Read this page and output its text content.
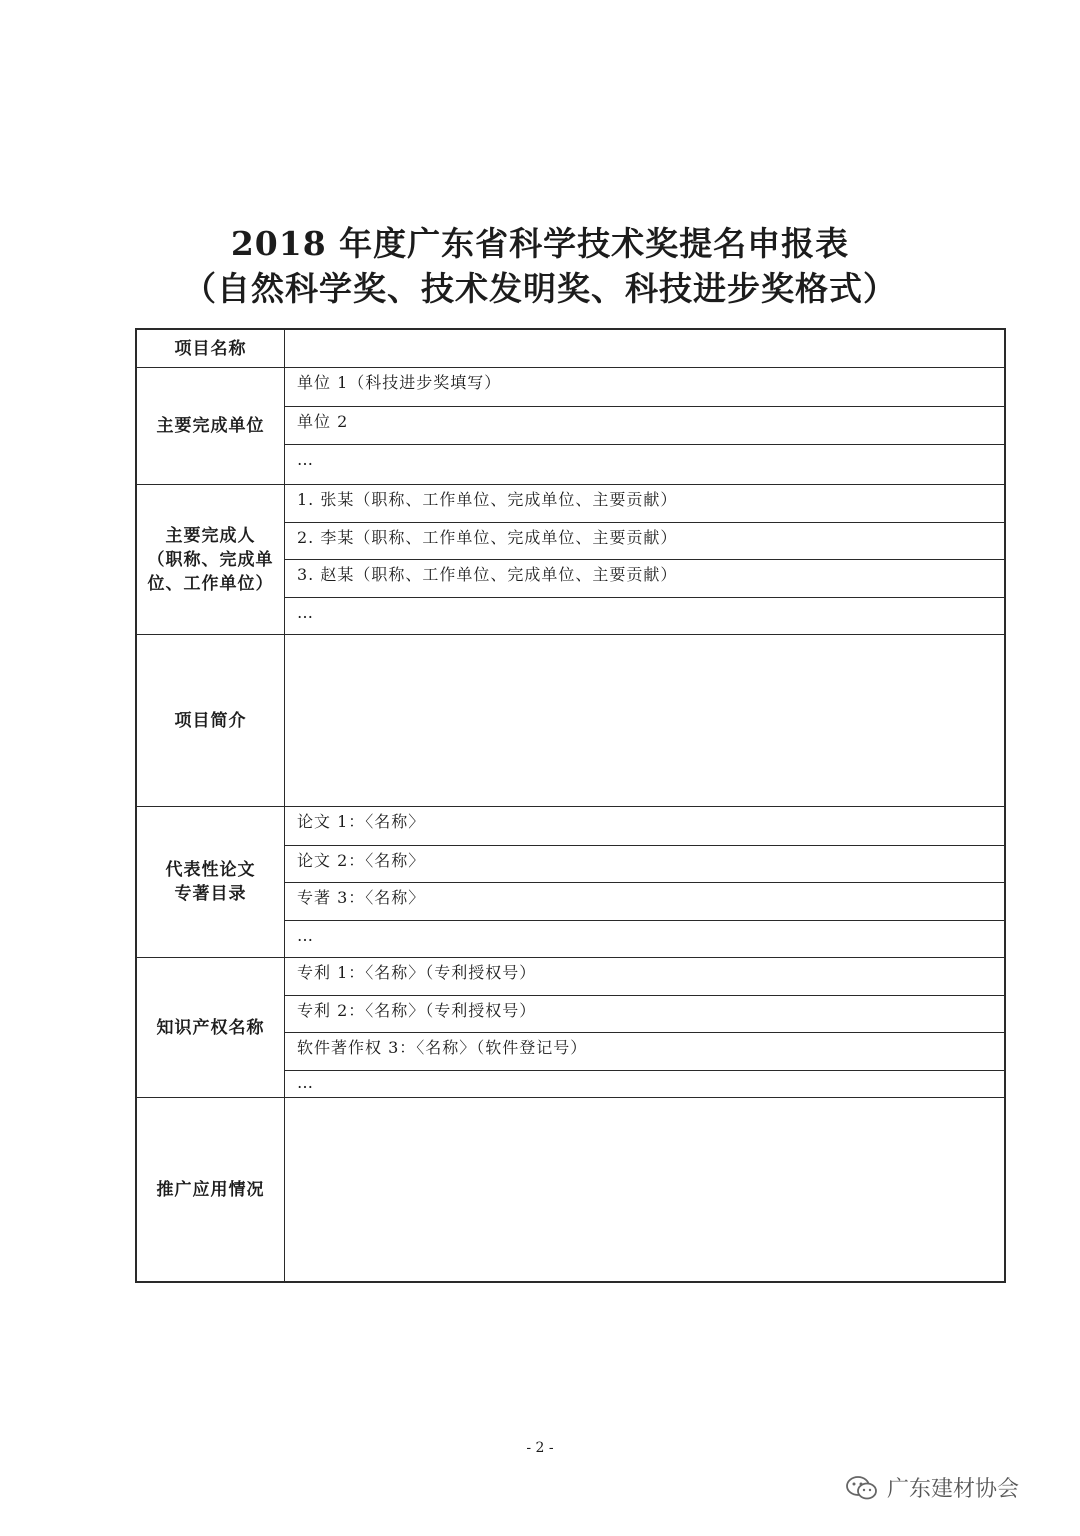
2018 年度广东省科学技术奖提名申报表
（自然科学奖、技术发明奖、科技进步奖格式）
项目名称
主要完成单位
单位 1（科技进步奖填写）
单位 2
…
主要完成人
（职称、完成单
位、工作单位）
1. 张某（职称、工作单位、完成单位、主要贡献）
2. 李某（职称、工作单位、完成单位、主要贡献）
3. 赵某（职称、工作单位、完成单位、主要贡献）
…
项目简介
代表性论文
专著目录
论文 1：〈名称〉
论文 2：〈名称〉
专著 3：〈名称〉
…
知识产权名称
专利 1：〈名称〉（专利授权号）
专利 2：〈名称〉（专利授权号）
软件著作权 3：〈名称〉（软件登记号）
…
推广应用情况
- 2 -
广东建材协会
